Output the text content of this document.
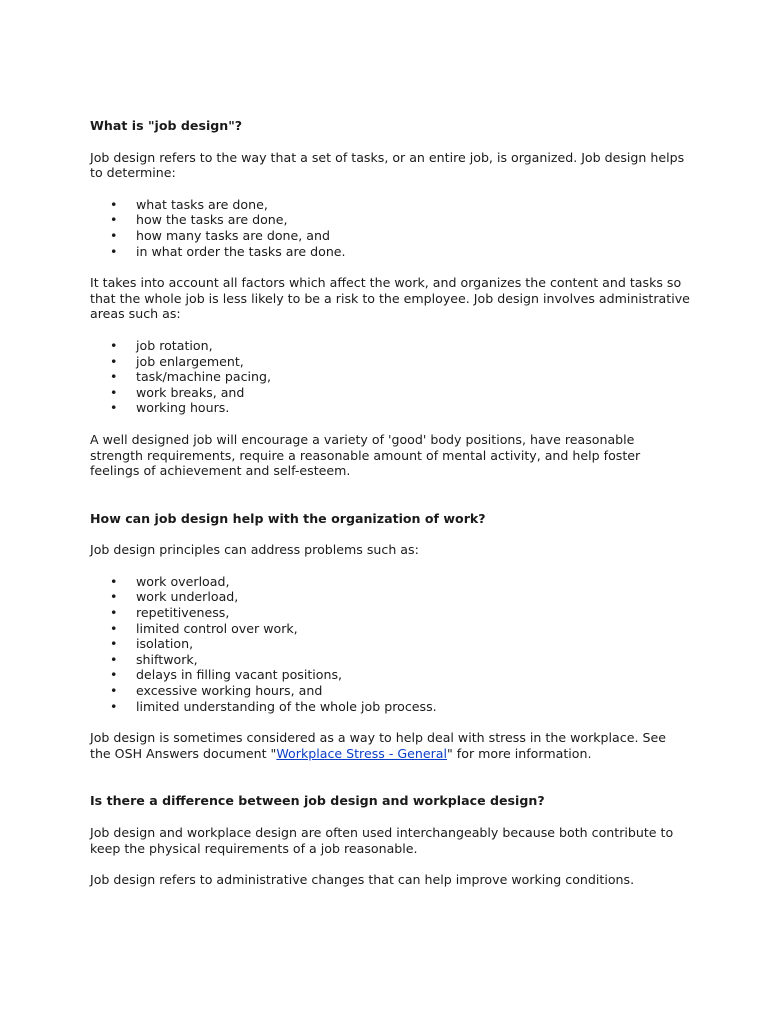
What is "job design"?

Job design refers to the way that a set of tasks, or an entire job, is organized. Job design helps to determine:

• what tasks are done,
• how the tasks are done,
• how many tasks are done, and
• in what order the tasks are done.

It takes into account all factors which affect the work, and organizes the content and tasks so that the whole job is less likely to be a risk to the employee. Job design involves administrative areas such as:

• job rotation,
• job enlargement,
• task/machine pacing,
• work breaks, and
• working hours.

A well designed job will encourage a variety of 'good' body positions, have reasonable strength requirements, require a reasonable amount of mental activity, and help foster feelings of achievement and self-esteem.

How can job design help with the organization of work?

Job design principles can address problems such as:

• work overload,
• work underload,
• repetitiveness,
• limited control over work,
• isolation,
• shiftwork,
• delays in filling vacant positions,
• excessive working hours, and
• limited understanding of the whole job process.

Job design is sometimes considered as a way to help deal with stress in the workplace. See the OSH Answers document "Workplace Stress - General" for more information.

Is there a difference between job design and workplace design?

Job design and workplace design are often used interchangeably because both contribute to keep the physical requirements of a job reasonable.

Job design refers to administrative changes that can help improve working conditions.
